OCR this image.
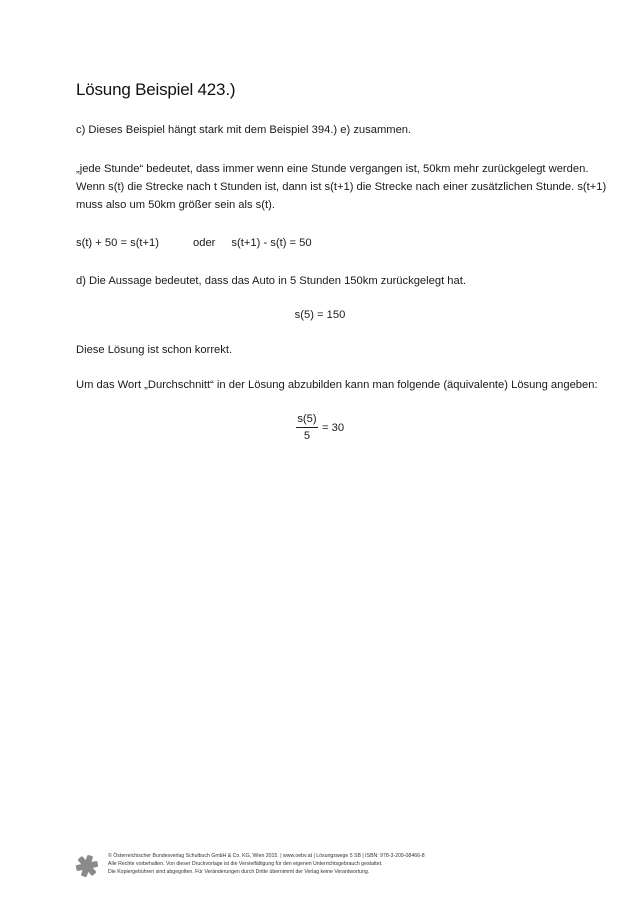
Lösung Beispiel 423.)

c) Dieses Beispiel hängt stark mit dem Beispiel 394.) e) zusammen.

„jede Stunde“ bedeutet, dass immer wenn eine Stunde vergangen ist, 50km mehr zurückgelegt werden.

Wenn s(t) die Strecke nach t Stunden ist, dann ist s(t+1) die Strecke nach einer zusätzlichen Stunde. s(t+1)

muss also um 50km größer sein als s(t).

s(t) + 50 = s(t+1)	oder s(t+1) - s(t) = 50

d) Die Aussage bedeutet, dass das Auto in 5 Stunden 150km zurückgelegt hat.

s(5) = 150

Diese Lösung ist schon korrekt.

Um das Wort „Durchschnitt“ in der Lösung abzubilden kann man folgende (äquivalente) Lösung angeben:

$\frac{s(5)}{5} = 30$
© Österreichischer Bundesverlag Schulbuch GmbH & Co. KG, Wien 2015. | www.oebv.at | Lösungswege 5 SB | ISBN: 978-3-209-08466-8
Alle Rechte vorbehalten. Von dieser Druckvorlage ist die Vervielfältigung für den eigenen Unterrichtsgebrauch gestattet.
Die Kopiergebühren sind abgegolten. Für Veränderungen durch Dritte übernimmt der Verlag keine Verantwortung.
